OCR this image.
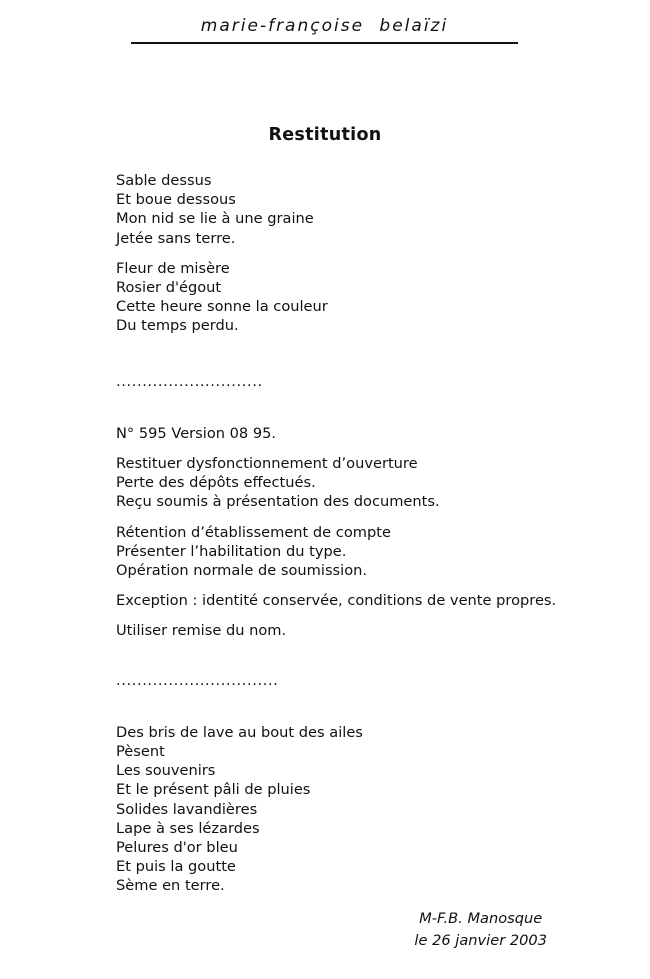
marie-françoise belaïzi
Restitution
Sable dessus
Et boue dessous
Mon nid se lie à une graine
Jetée sans terre.
Fleur de misère
Rosier d'égout
Cette heure sonne la couleur
Du temps perdu.
............................
N° 595 Version 08 95.
Restituer dysfonctionnement d’ouverture
Perte des dépôts effectués.
Reçu soumis à présentation des documents.
Rétention d’établissement de compte
Présenter l’habilitation du type.
Opération normale de soumission.
Exception : identité conservée, conditions de vente propres.
Utiliser remise du nom.
...............................
Des bris de lave au bout des ailes
Pèsent
Les souvenirs
Et le présent pâli de pluies
Solides lavandières
Lape à ses lézardes
Pelures d'or bleu
Et puis la goutte
Sème en terre.
M-F.B. Manosque
le 26 janvier 2003
